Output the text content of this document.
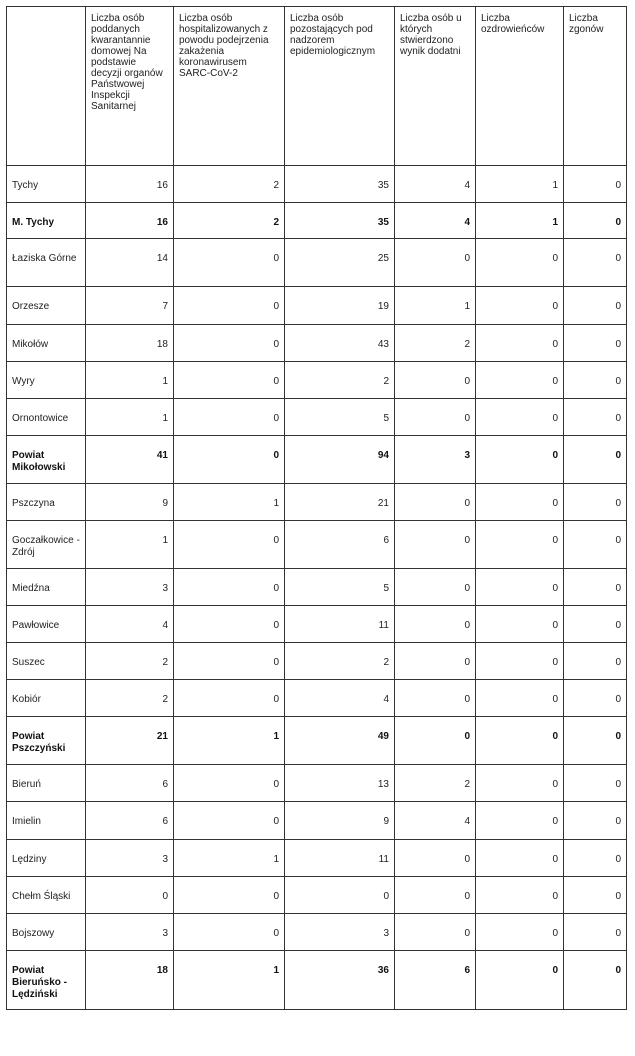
	Liczba osób poddanych kwarantannie domowej Na podstawie decyzji organów Państwowej Inspekcji Sanitarnej	Liczba osób hospitalizowanych z powodu podejrzenia zakażenia koronawirusem SARC-CoV-2	Liczba osób pozostających pod nadzorem epidemiologicznym	Liczba osób u których stwierdzono wynik dodatni	Liczba ozdrowieńców	Liczba zgonów
Tychy	16	2	35	4	1	0
M. Tychy	16	2	35	4	1	0
Łaziska Górne	14	0	25	0	0	0
Orzesze	7	0	19	1	0	0
Mikołów	18	0	43	2	0	0
Wyry	1	0	2	0	0	0
Ornontowice	1	0	5	0	0	0
Powiat Mikołowski	41	0	94	3	0	0
Pszczyna	9	1	21	0	0	0
Goczałkowice - Zdrój	1	0	6	0	0	0
Miedźna	3	0	5	0	0	0
Pawłowice	4	0	11	0	0	0
Suszec	2	0	2	0	0	0
Kobiór	2	0	4	0	0	0
Powiat Pszczyński	21	1	49	0	0	0
Bieruń	6	0	13	2	0	0
Imielin	6	0	9	4	0	0
Lędziny	3	1	11	0	0	0
Chełm Śląski	0	0	0	0	0	0
Bojszowy	3	0	3	0	0	0
Powiat Bieruńsko - Lędziński	18	1	36	6	0	0
